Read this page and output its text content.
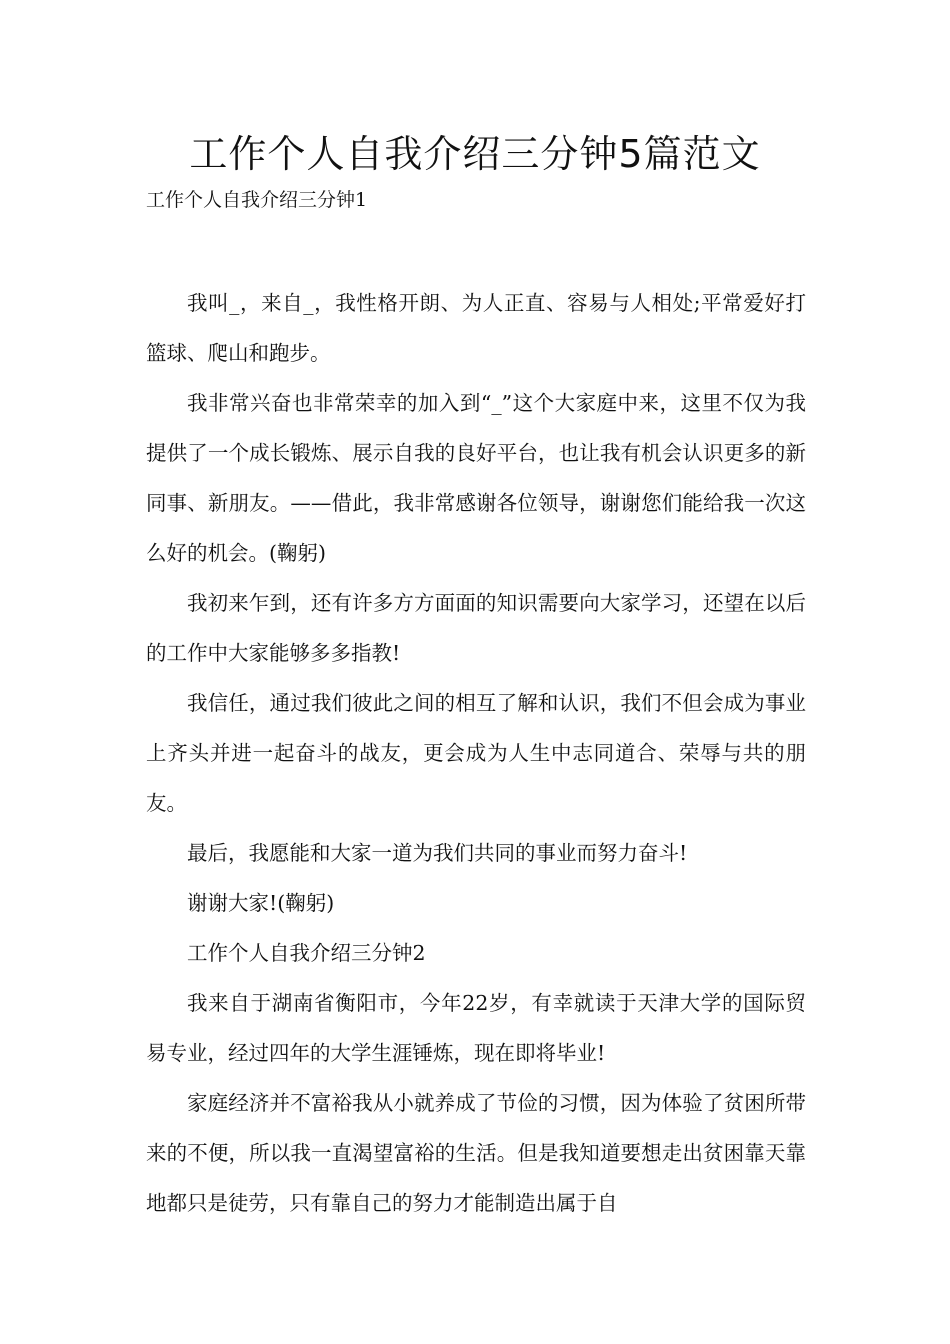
工作个人自我介绍三分钟5篇范文
工作个人自我介绍三分钟1

我叫_，来自_，我性格开朗、为人正直、容易与人相处;平常爱好打篮球、爬山和跑步。

我非常兴奋也非常荣幸的加入到“_”这个大家庭中来，这里不仅为我提供了一个成长锻炼、展示自我的良好平台，也让我有机会认识更多的新同事、新朋友。——借此，我非常感谢各位领导，谢谢您们能给我一次这么好的机会。(鞠躬)

我初来乍到，还有许多方方面面的知识需要向大家学习，还望在以后的工作中大家能够多多指教!

我信任，通过我们彼此之间的相互了解和认识，我们不但会成为事业上齐头并进一起奋斗的战友，更会成为人生中志同道合、荣辱与共的朋友。

最后，我愿能和大家一道为我们共同的事业而努力奋斗!

谢谢大家!(鞠躬)

工作个人自我介绍三分钟2

我来自于湖南省衡阳市，今年22岁，有幸就读于天津大学的国际贸易专业，经过四年的大学生涯锤炼，现在即将毕业!

家庭经济并不富裕我从小就养成了节俭的习惯，因为体验了贫困所带来的不便，所以我一直渴望富裕的生活。但是我知道要想走出贫困靠天靠地都只是徒劳，只有靠自己的努力才能制造出属于自
